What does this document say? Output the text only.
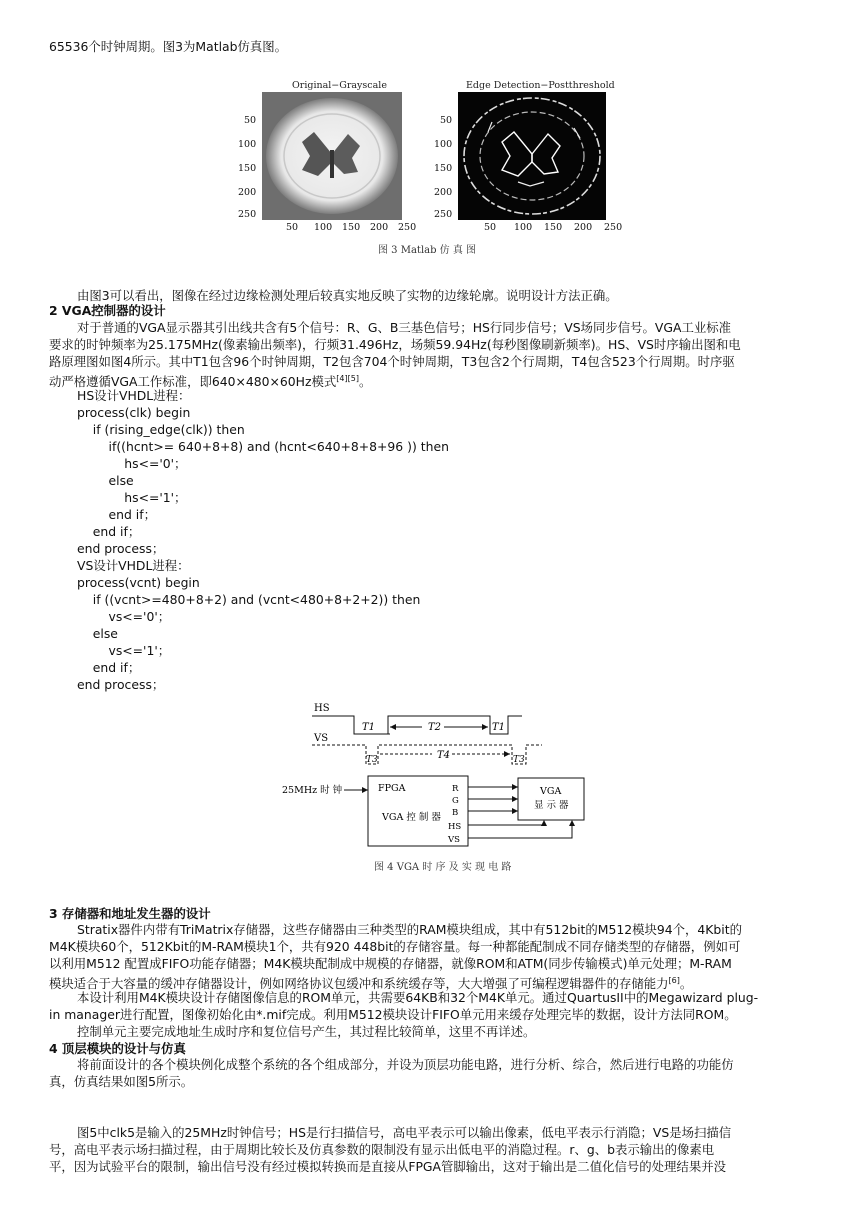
65536个时钟周期。图3为Matlab仿真图。
Original−Grayscale	Edge Detection−Postthreshold
50
100
150
200
250
50 100 150 200 250
50
100
150
200
250
50 100 150 200 250
图 3 Matlab 仿 真 图
由图3可以看出，图像在经过边缘检测处理后较真实地反映了实物的边缘轮廓。说明设计方法正确。
2 VGA控制器的设计
对于普通的VGA显示器其引出线共含有5个信号：R、G、B三基色信号；HS行同步信号；VS场同步信号。VGA工业标准
要求的时钟频率为25.175MHz(像素输出频率)，行频31.496Hz，场频59.94Hz(每秒图像刷新频率)。HS、VS时序输出图和电
路原理图如图4所示。其中T1包含96个时钟周期，T2包含704个时钟周期，T3包含2个行周期，T4包含523个行周期。时序驱
动严格遵循VGA工作标准，即640×480×60Hz模式[4][5]。
HS设计VHDL进程：
process(clk) begin
if (rising_edge(clk)) then
if((hcnt>= 640+8+8) and (hcnt<640+8+8+96 )) then
hs<='0'；
else
hs<='1'；
end if；
end if；
end process；
VS设计VHDL进程：
process(vcnt) begin
if ((vcnt>=480+8+2) and (vcnt<480+8+2+2)) then
vs<='0'；
else
vs<='1'；
end if；
end process；
HS
T1	T2	T1
VS
T3	T4	T3
25MHz 时 钟	FPGA
VGA 控 制 器
R
G
B
HS
VS
VGA
显 示 器
图 4 VGA 时 序 及 实 现 电 路
3 存储器和地址发生器的设计
Stratix器件内带有TriMatrix存储器，这些存储器由三种类型的RAM模块组成，其中有512bit的M512模块94个，4Kbit的
M4K模块60个，512Kbit的M-RAM模块1个，共有920 448bit的存储容量。每一种都能配制成不同存储类型的存储器，例如可
以利用M512 配置成FIFO功能存储器；M4K模块配制成中规模的存储器，就像ROM和ATM(同步传输模式)单元处理；M-RAM
模块适合于大容量的缓冲存储器设计，例如网络协议包缓冲和系统缓存等，大大增强了可编程逻辑器件的存储能力[6]。
本设计利用M4K模块设计存储图像信息的ROM单元，共需要64KB和32个M4K单元。通过QuartusII中的Megawizard plug-
in manager进行配置，图像初始化由*.mif完成。利用M512模块设计FIFO单元用来缓存处理完毕的数据，设计方法同ROM。
控制单元主要完成地址生成时序和复位信号产生，其过程比较简单，这里不再详述。
4 顶层模块的设计与仿真
将前面设计的各个模块例化成整个系统的各个组成部分，并设为顶层功能电路，进行分析、综合，然后进行电路的功能仿
真，仿真结果如图5所示。
图5中clk5是输入的25MHz时钟信号；HS是行扫描信号，高电平表示可以输出像素，低电平表示行消隐；VS是场扫描信
号，高电平表示场扫描过程，由于周期比较长及仿真参数的限制没有显示出低电平的消隐过程。r、g、b表示输出的像素电
平，因为试验平台的限制，输出信号没有经过模拟转换而是直接从FPGA管脚输出，这对于输出是二值化信号的处理结果并没
